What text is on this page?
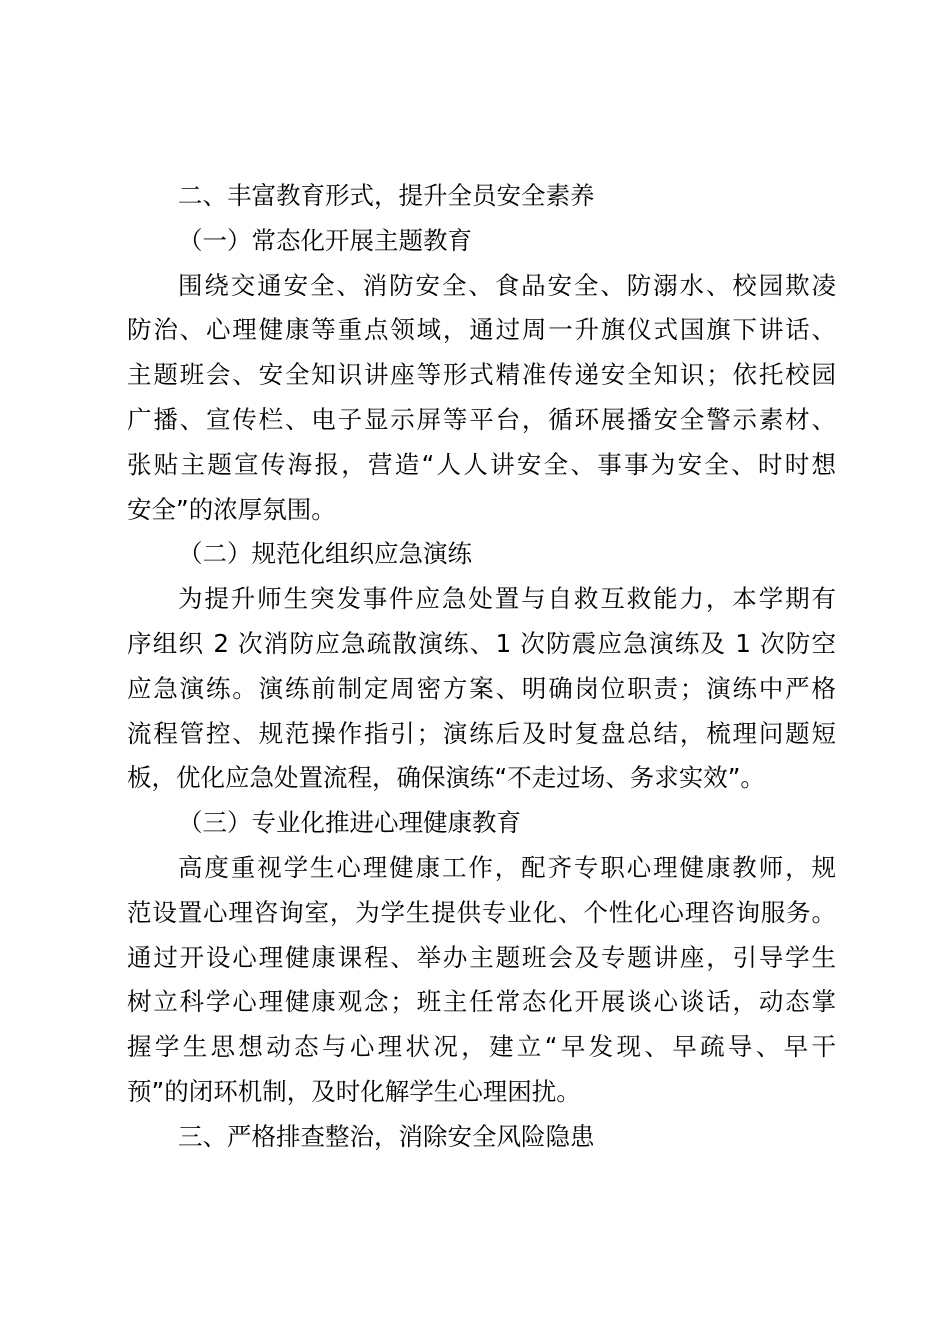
二、丰富教育形式，提升全员安全素养

（一）常态化开展主题教育

围绕交通安全、消防安全、食品安全、防溺水、校园欺凌

防治、心理健康等重点领域，通过周一升旗仪式国旗下讲话、

主题班会、安全知识讲座等形式精准传递安全知识；依托校园

广播、宣传栏、电子显示屏等平台，循环展播安全警示素材、

张贴主题宣传海报，营造“人人讲安全、事事为安全、时时想

安全”的浓厚氛围。

（二）规范化组织应急演练

为提升师生突发事件应急处置与自救互救能力，本学期有

序组织 2 次消防应急疏散演练、1 次防震应急演练及 1 次防空

应急演练。演练前制定周密方案、明确岗位职责；演练中严格

流程管控、规范操作指引；演练后及时复盘总结，梳理问题短

板，优化应急处置流程，确保演练“不走过场、务求实效”。

（三）专业化推进心理健康教育

高度重视学生心理健康工作，配齐专职心理健康教师，规

范设置心理咨询室，为学生提供专业化、个性化心理咨询服务。

通过开设心理健康课程、举办主题班会及专题讲座，引导学生

树立科学心理健康观念；班主任常态化开展谈心谈话，动态掌

握学生思想动态与心理状况，建立“早发现、早疏导、早干

预”的闭环机制，及时化解学生心理困扰。

三、严格排查整治，消除安全风险隐患
